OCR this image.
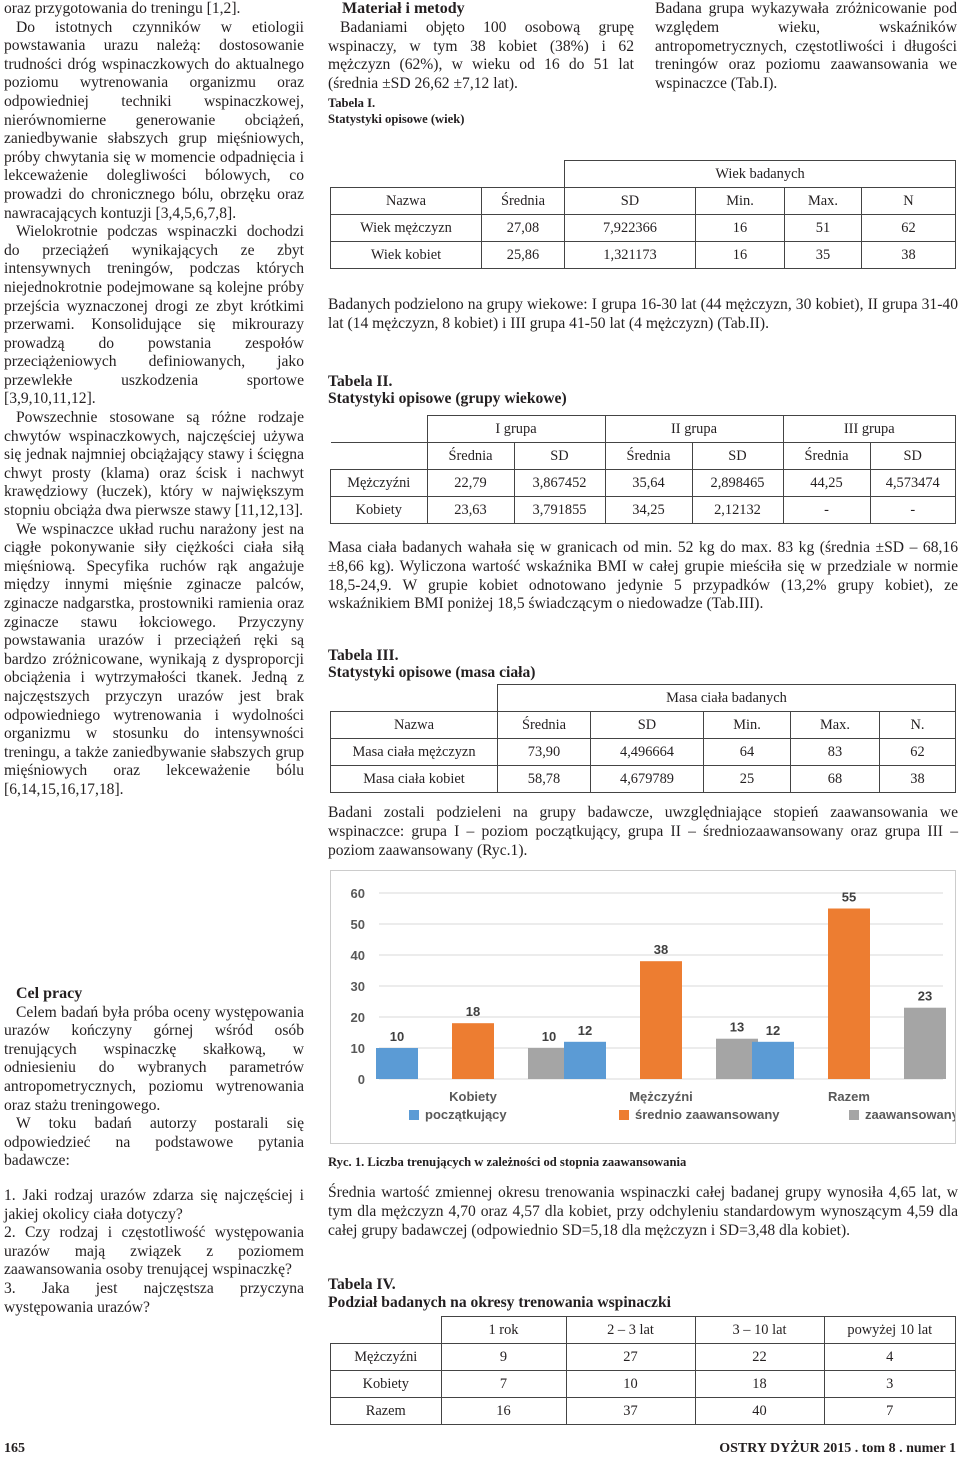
oraz przygotowania do treningu [1,2].

Do istotnych czynników w etiologii powstawania urazu należą: dostosowanie trudności dróg wspinaczkowych do aktualnego poziomu wytrenowania organizmu oraz odpowiedniej techniki wspinaczkowej, nierównomierne generowanie obciążeń, zaniedbywanie słabszych grup mięśniowych, próby chwytania się w momencie odpadnięcia i lekceważenie dolegliwości bólowych, co prowadzi do chronicznego bólu, obrzęku oraz nawracających kontuzji [3,4,5,6,7,8].

Wielokrotnie podczas wspinaczki dochodzi do przeciążeń wynikających ze zbyt intensywnych treningów, podczas których niejednokrotnie podejmowane są kolejne próby przejścia wyznaczonej drogi ze zbyt krótkimi przerwami. Konsolidujące się mikrourazy prowadzą do powstania zespołów przeciążeniowych definiowanych, jako przewlekłe uszkodzenia sportowe [3,9,10,11,12].

Powszechnie stosowane są różne rodzaje chwytów wspinaczkowych, najczęściej używa się jednak najmniej obciążający stawy i ścięgna chwyt prosty (klama) oraz ścisk i nachwyt krawędziowy (łuczek), który w największym stopniu obciąża dwa pierwsze stawy [11,12,13].

We wspinaczce układ ruchu narażony jest na ciągłe pokonywanie siły ciężkości ciała siłą mięśniową. Specyfika ruchów rąk angażuje między innymi mięśnie zginacze palców, zginacze nadgarstka, prostowniki ramienia oraz zginacze stawu łokciowego. Przyczyny powstawania urazów i przeciążeń ręki są bardzo zróżnicowane, wynikają z dysproporcji obciążenia i wytrzymałości tkanek. Jedną z najczęstszych przyczyn urazów jest brak odpowiedniego wytrenowania i wydolności organizmu w stosunku do intensywności treningu, a także zaniedbywanie słabszych grup mięśniowych oraz lekceważenie bólu [6,14,15,16,17,18].

Cel pracy

Celem badań była próba oceny występowania urazów kończyny górnej wśród osób trenujących wspinaczkę skałkową, w odniesieniu do wybranych parametrów antropometrycznych, poziomu wytrenowania oraz stażu treningowego.

W toku badań autorzy postarali się odpowiedzieć na podstawowe pytania badawcze:

1. Jaki rodzaj urazów zdarza się najczęściej i jakiej okolicy ciała dotyczy?

2. Czy rodzaj i częstotliwość występowania urazów mają związek z poziomem zaawansowania osoby trenującej wspinaczkę?

3. Jaka jest najczęstsza przyczyna występowania urazów?

Materiał i metody
Badaniami objęto 100 osobową grupę wspinaczy, w tym 38 kobiet (38%) i 62 mężczyzn (62%), w wieku od 16 do 51 lat (średnia ±SD 26,62 ±7,12 lat).
Tabela I.
Statystyki opisowe (wiek)
Badana grupa wykazywała zróżnicowanie pod względem wieku, wskaźników antropometrycznych, częstotliwości i długości treningów oraz poziomu zaawansowania we wspinaczce (Tab.I).
		Wiek badanych			
Nazwa	Średnia	SD	Min.	Max.	N
Wiek mężczyzn	27,08	7,922366	16	51	62
Wiek kobiet	25,86	1,321173	16	35	38
Badanych podzielono na grupy wiekowe: I grupa 16-30 lat (44 mężczyzn, 30 kobiet), II grupa 31-40 lat (14 mężczyzn, 8 kobiet) i III grupa 41-50 lat (4 mężczyzn) (Tab.II).
Tabela II.
Statystyki opisowe (grupy wiekowe)
	I grupa		II grupa		III grupa	
	Średnia	SD	Średnia	SD	Średnia	SD
Mężczyźni	22,79	3,867452	35,64	2,898465	44,25	4,573474
Kobiety	23,63	3,791855	34,25	2,12132	-	-
Masa ciała badanych wahała się w granicach od min. 52 kg do max. 83 kg (średnia ±SD – 68,16 ±8,66 kg). Wyliczona wartość wskaźnika BMI w całej grupie mieściła się w przedziale w normie 18,5-24,9. W grupie kobiet odnotowano jedynie 5 przypadków (13,2% grupy kobiet), ze wskaźnikiem BMI poniżej 18,5 świadczącym o niedowadze (Tab.III).
Tabela III.
Statystyki opisowe (masa ciała)
	Masa ciała badanych				
Nazwa	Średnia	SD	Min.	Max.	N.
Masa ciała mężczyzn	73,90	4,496664	64	83	62
Masa ciała kobiet	58,78	4,679789	25	68	38
Badani zostali podzieleni na grupy badawcze, uwzględniające stopień zaawansowania we wspinaczce: grupa I – poziom początkujący, grupa II – średniozaawansowany oraz grupa III – poziom zaawansowany (Ryc.1).
60
50
40
30
20
10
0
10
18
10
Kobiety
12
38
13
Mężczyźni
12
55
23
Razem
początkujący	średnio zaawansowany	zaawansowany
Ryc. 1. Liczba trenujących w zależności od stopnia zaawansowania
Średnia wartość zmiennej okresu trenowania wspinaczki całej badanej grupy wynosiła 4,65 lat, w tym dla mężczyzn 4,70 oraz 4,57 dla kobiet, przy odchyleniu standardowym wynoszącym 4,59 dla całej grupy badawczej (odpowiednio SD=5,18 dla mężczyzn i SD=3,48 dla kobiet).
Tabela IV.
Podział badanych na okresy trenowania wspinaczki
	1 rok	2 – 3 lat	3 – 10 lat	powyżej 10 lat
Mężczyźni	9	27	22	4
Kobiety	7	10	18	3
Razem	16	37	40	7
165	OSTRY DYŻUR 2015 . tom 8 . numer 1
